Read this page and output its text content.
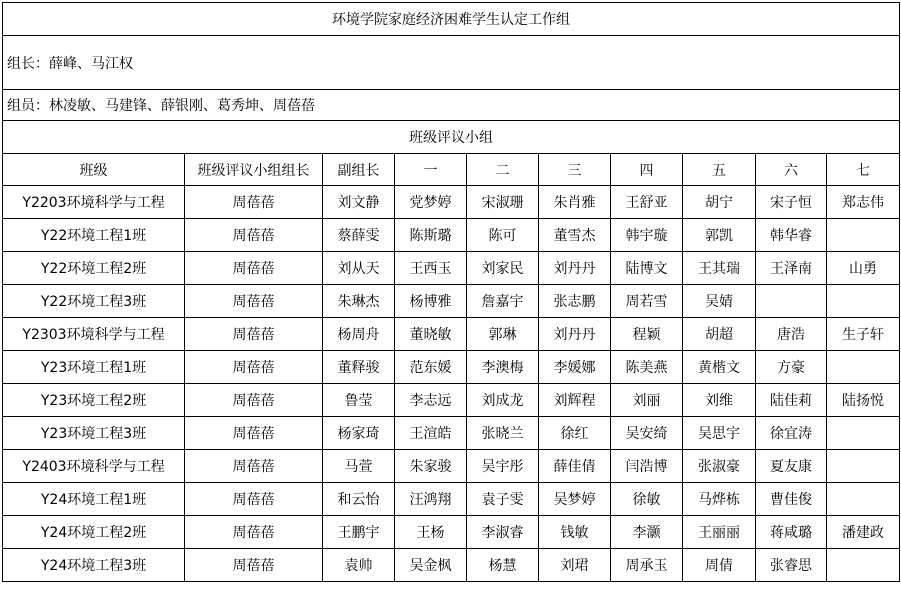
环境学院家庭经济困难学生认定工作组									
组长：薛峰、马江权									
组员：林凌敏、马建锋、薛银刚、葛秀坤、周蓓蓓									
班级评议小组									
班级	班级评议小组组长	副组长	一	二	三	四	五	六	七
Y2203环境科学与工程	周蓓蓓	刘文静	党梦婷	宋淑珊	朱肖雅	王舒亚	胡宁	宋子恒	郑志伟
Y22环境工程1班	周蓓蓓	蔡薛雯	陈斯璐	陈可	董雪杰	韩宇璇	郭凯	韩华睿	
Y22环境工程2班	周蓓蓓	刘从天	王西玉	刘家民	刘丹丹	陆博文	王其瑞	王泽南	山勇
Y22环境工程3班	周蓓蓓	朱琳杰	杨博雅	詹嘉宇	张志鹏	周若雪	吴婧		
Y2303环境科学与工程	周蓓蓓	杨周舟	董晓敏	郭琳	刘丹丹	程颖	胡超	唐浩	生子轩
Y23环境工程1班	周蓓蓓	董释骏	范东媛	李澳梅	李媛娜	陈美燕	黄楷文	方豪	
Y23环境工程2班	周蓓蓓	鲁莹	李志远	刘成龙	刘辉程	刘丽	刘维	陆佳莉	陆扬悦
Y23环境工程3班	周蓓蓓	杨家琦	王渲皓	张晓兰	徐红	吴安绮	吴思宇	徐宜涛	
Y2403环境科学与工程	周蓓蓓	马萱	朱家骏	吴宇彤	薛佳倩	闫浩博	张淑豪	夏友康	
Y24环境工程1班	周蓓蓓	和云怡	汪鸿翔	袁子雯	吴梦婷	徐敏	马烨栋	曹佳俊	
Y24环境工程2班	周蓓蓓	王鹏宇	王杨	李淑睿	钱敏	李灏	王丽丽	蒋咸璐	潘建政
Y24环境工程3班	周蓓蓓	袁帅	吴金枫	杨慧	刘珺	周承玉	周倩	张睿思	
